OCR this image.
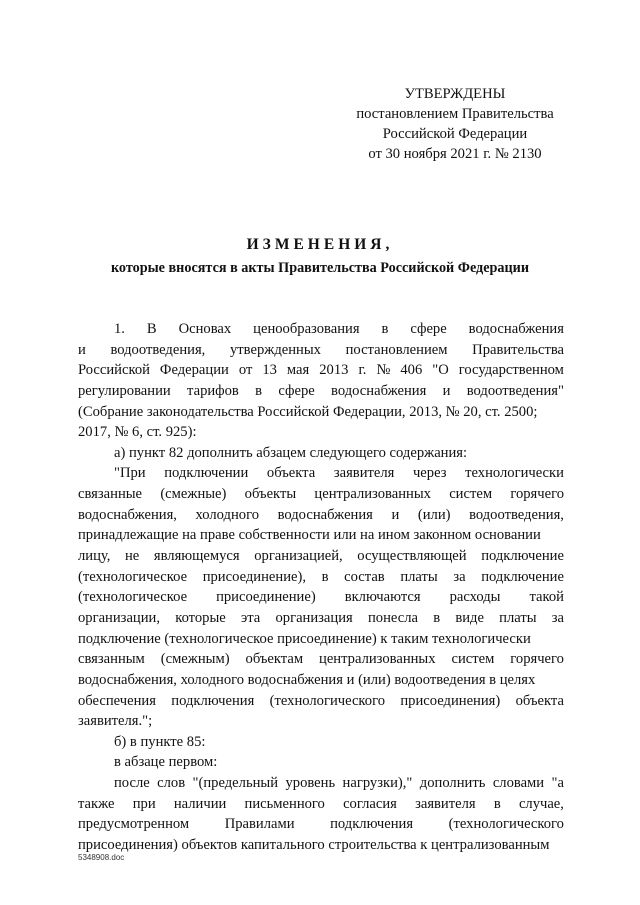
УТВЕРЖДЕНЫ
постановлением Правительства
Российской Федерации
от 30 ноября 2021 г. № 2130
ИЗМЕНЕНИЯ,
которые вносятся в акты Правительства Российской Федерации
1. В Основах ценообразования в сфере водоснабжения
и водоотведения, утвержденных постановлением Правительства
Российской Федерации от 13 мая 2013 г. № 406 "О государственном
регулировании тарифов в сфере водоснабжения и водоотведения"
(Собрание законодательства Российской Федерации, 2013, № 20, ст. 2500;
2017, № 6, ст. 925):
а) пункт 82 дополнить абзацем следующего содержания:
"При подключении объекта заявителя через технологически
связанные (смежные) объекты централизованных систем горячего
водоснабжения, холодного водоснабжения и (или) водоотведения,
принадлежащие на праве собственности или на ином законном основании
лицу, не являющемуся организацией, осуществляющей подключение
(технологическое присоединение), в состав платы за подключение
(технологическое присоединение) включаются расходы такой
организации, которые эта организация понесла в виде платы за
подключение (технологическое присоединение) к таким технологически
связанным (смежным) объектам централизованных систем горячего
водоснабжения, холодного водоснабжения и (или) водоотведения в целях
обеспечения подключения (технологического присоединения) объекта
заявителя.";
б) в пункте 85:
в абзаце первом:
после слов "(предельный уровень нагрузки)," дополнить словами "а
также при наличии письменного согласия заявителя в случае,
предусмотренном Правилами подключения (технологического
присоединения) объектов капитального строительства к централизованным
5348908.doc
